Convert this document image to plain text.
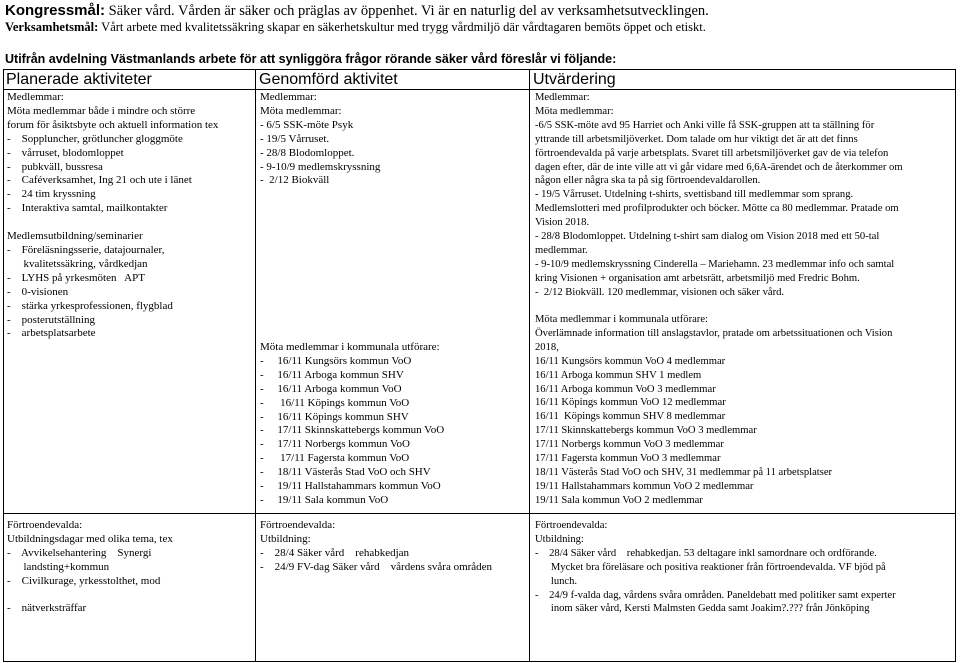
Kongressmål: Säker vård. Vården är säker och präglas av öppenhet. Vi är en naturlig del av verksamhetsutvecklingen.
Verksamhetsmål: Vårt arbete med kvalitetssäkring skapar en säkerhetskultur med trygg vårdmiljö där vårdtagaren bemöts öppet och etiskt.
Utifrån avdelning Västmanlands arbete för att synliggöra frågor rörande säker vård föreslår vi följande:
Planerade aktiviteter	Genomförd aktivitet	Utvärdering
Medlemmar:
Möta medlemmar både i mindre och större
forum för åsiktsbyte och aktuell information tex
-    Sopplunch​er, grötluncher gloggmöte
-    vårruset, blodomloppet
-    pubkväll, bussresa
-    Caféverksamhet, Ing 21 och ute i länet
-    24 tim kryssning
-    Interaktiva samtal, mailkontakter

Medlemsutbildning/seminarier
-    Föreläsningsserie, datajournaler,
kvalitetssäkring, vårdkedjan
-    LYHS på yrkesmöten   APT
-    0-visionen
-    stärka yrkesprofessionen, flygblad
-    posterutställning
-    arbetsplatsarbete
Medlemmar:
Möta medlemmar:
- 6/5 SSK-möte Psyk
- 19/5 Vårruset.
- 28/8 Blodomloppet.
- 9-10/9 medlemskryssning
-  2/12 Biokväll
Möta medlemmar i kommunala utförare:
-     16/11 Kungsörs kommun VoO
-     16/11 Arboga kommun SHV
-     16/11 Arboga kommun VoO
-      16/11 Köpings kommun VoO
-     16/11 Köpings kommun SHV
-     17/11 Skinnskattebergs kommun VoO
-     17/11 Norbergs kommun VoO
-      17/11 Fagersta kommun VoO
-     18/11 Västerås Stad VoO och SHV
-     19/11 Hallstahammars kommun VoO
-     19/11 Sala kommun VoO
Medlemmar:
Möta medlemmar:
-6/5 SSK-möte avd 95 Harriet och Anki ville få SSK-gruppen att ta ställning för
yttrande till arbetsmiljöverket. Dom talade om hur viktigt det är att det finns
förtroendevalda på varje arbetsplats. Svaret till arbetsmiljöverket gav de via telefon
dagen efter, där de inte ville att vi går vidare med 6,6A-ärendet och de återkommer om
någon eller några ska ta på sig förtroendevaldarollen.
- 19/5 Vårruset. Utdelning t-shirts, svettisband till medlemmar som sprang.
Medlemslotteri med profilprodukter och böcker. Mötte ca 80 medlemmar. Pratade om
Vision 2018.
- 28/8 Blodomloppet. Utdelning t-shirt sam dialog om Vision 2018 med ett 50-tal
medlemmar.
- 9-10/9 medlemskryssning Cinderella – Mariehamn. 23 medlemmar info och samtal
kring Visionen + organisation amt arbetsrätt, arbetsmiljö med Fredric Bohm.
-  2/12 Biokväll. 120 medlemmar, visionen och säker vård.
Möta medlemmar i kommunala utförare:
Överlämnade information till anslagstavlor, pratade om arbetssituationen och Vision
2018,
16/11 Kungsörs kommun VoO 4 medlemmar
16/11 Arboga kommun SHV 1 medlem
16/11 Arboga kommun VoO 3 medlemmar
16/11 Köpings kommun VoO 12 medlemmar
16/11  Köpings kommun SHV 8 medlemmar
17/11 Skinnskattebergs kommun VoO 3 medlemmar
17/11 Norbergs kommun VoO 3 medlemmar
17/11 Fagersta kommun VoO 3 medlemmar
18/11 Västerås Stad VoO och SHV, 31 medlemmar på 11 arbetsplatser
19/11 Hallstahammars kommun VoO 2 medlemmar
19/11 Sala kommun VoO 2 medlemmar
Förtroendevalda:
Utbildningsdagar med olika tema, tex
-    Avvikelsehantering    Synergi
landsting+kommun
-    Civilkurage, yrkesstolthet, mod

-    nätverksträffar
Förtroendevalda:
Utbildning:
-    28/4 Säker vård    rehabkedjan
-    24/9 FV-dag Säker vård    vårdens svåra områden
Förtroendevalda:
Utbildning:
-    28/4 Säker vård    rehabkedjan. 53 deltagare inkl samordnare och ordförande.
Mycket bra föreläsare och positiva reaktioner från förtroendevalda. VF bjöd på
lunch.
-    24/9 f-valda dag, vårdens svåra områden. Paneldebatt med politiker samt experter
inom säker vård, Kersti Malmsten Gedda samt Joakim?.??? från Jönköping
